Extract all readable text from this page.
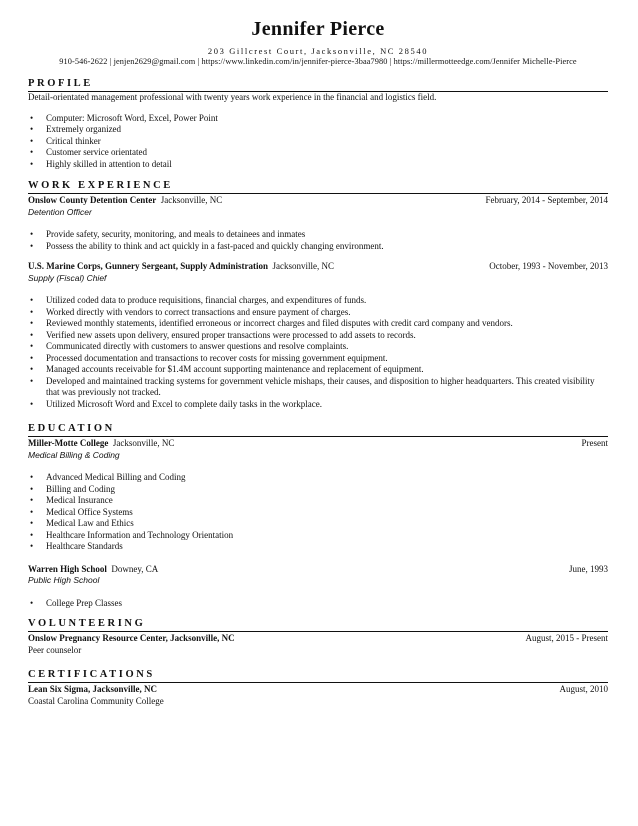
Jennifer Pierce
203 Gillcrest Court, Jacksonville, NC 28540
910-546-2622 | jenjen2629@gmail.com | https://www.linkedin.com/in/jennifer-pierce-3baa7980 | https://millermotteedge.com/Jennifer Michelle-Pierce
PROFILE
Detail-orientated management professional with twenty years work experience in the financial and logistics field.
• Computer: Microsoft Word, Excel, Power Point
• Extremely organized
• Critical thinker
• Customer service orientated
• Highly skilled in attention to detail
WORK EXPERIENCE
Onslow County Detention Center Jacksonville, NC	February, 2014 - September, 2014
Detention Officer
• Provide safety, security, monitoring, and meals to detainees and inmates
• Possess the ability to think and act quickly in a fast-paced and quickly changing environment.
U.S. Marine Corps, Gunnery Sergeant, Supply Administration Jacksonville, NC	October, 1993 - November, 2013
Supply (Fiscal) Chief
• Utilized coded data to produce requisitions, financial charges, and expenditures of funds.
• Worked directly with vendors to correct transactions and ensure payment of charges.
• Reviewed monthly statements, identified erroneous or incorrect charges and filed disputes with credit card company and vendors.
• Verified new assets upon delivery, ensured proper transactions were processed to add assets to records.
• Communicated directly with customers to answer questions and resolve complaints.
• Processed documentation and transactions to recover costs for missing government equipment.
• Managed accounts receivable for $1.4M account supporting maintenance and replacement of equipment.
• Developed and maintained tracking systems for government vehicle mishaps, their causes, and disposition to higher headquarters. This created visibility that was previously not tracked.
• Utilized Microsoft Word and Excel to complete daily tasks in the workplace.
EDUCATION
Miller-Motte College Jacksonville, NC	Present
Medical Billing & Coding
• Advanced Medical Billing and Coding
• Billing and Coding
• Medical Insurance
• Medical Office Systems
• Medical Law and Ethics
• Healthcare Information and Technology Orientation
• Healthcare Standards
Warren High School Downey, CA	June, 1993
Public High School
• College Prep Classes
VOLUNTEERING
Onslow Pregnancy Resource Center, Jacksonville, NC	August, 2015 - Present
Peer counselor
CERTIFICATIONS
Lean Six Sigma, Jacksonville, NC	August, 2010
Coastal Carolina Community College
